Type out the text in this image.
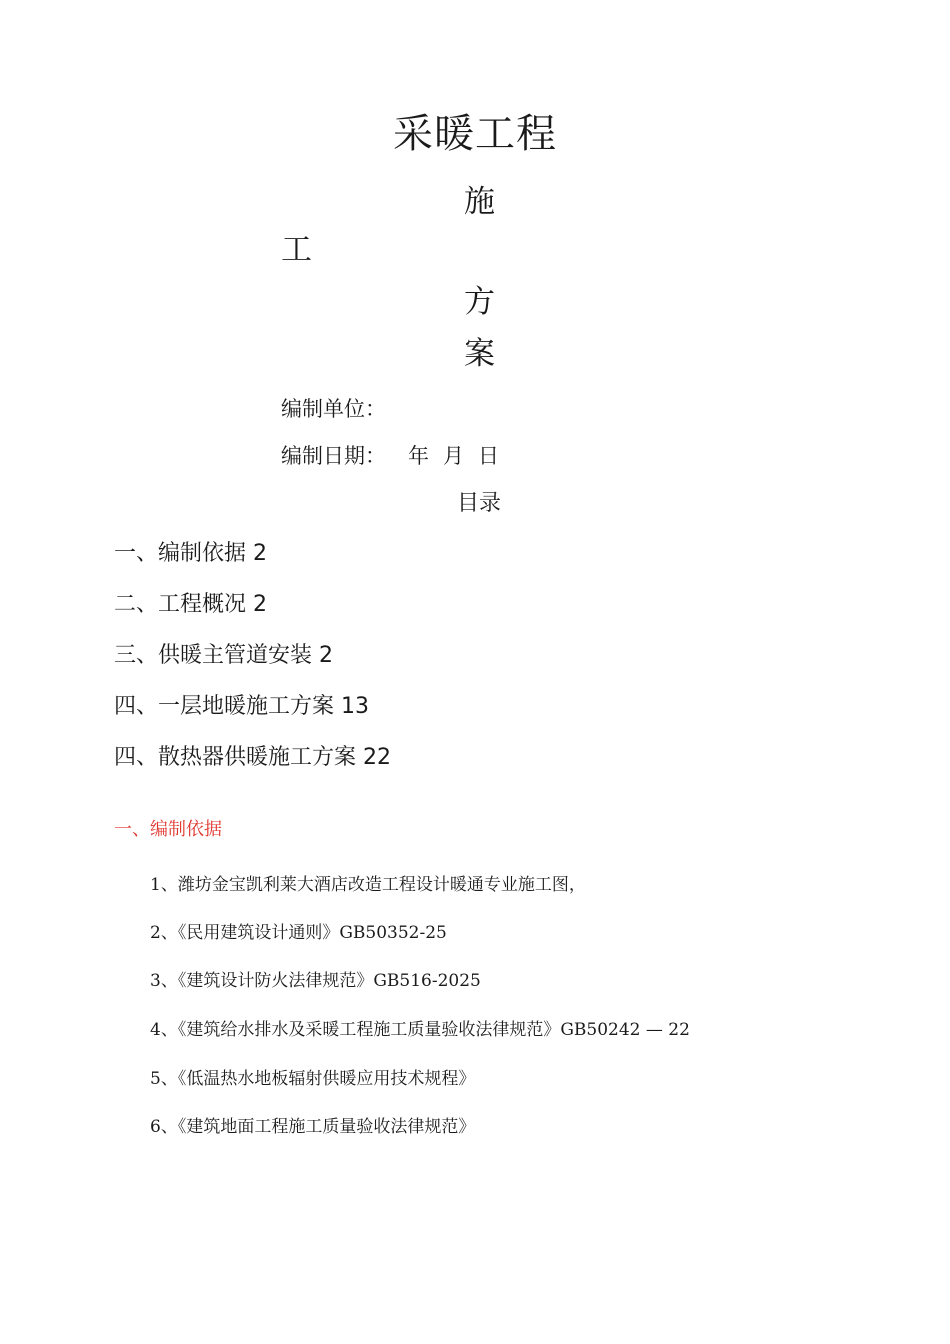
采暖工程
施
工
方
案
编制单位：
编制日期： 年 月 日
目录
一、编制依据 2
二、工程概况 2
三、供暖主管道安装 2
四、一层地暖施工方案 13
四、散热器供暖施工方案 22
一、编制依据
1、潍坊金宝凯利莱大酒店改造工程设计暖通专业施工图，
2、《民用建筑设计通则》GB50352-25
3、《建筑设计防火法律规范》GB516-2025
4、《建筑给水排水及采暖工程施工质量验收法律规范》GB50242 — 22
5、《低温热水地板辐射供暖应用技术规程》
6、《建筑地面工程施工质量验收法律规范》
